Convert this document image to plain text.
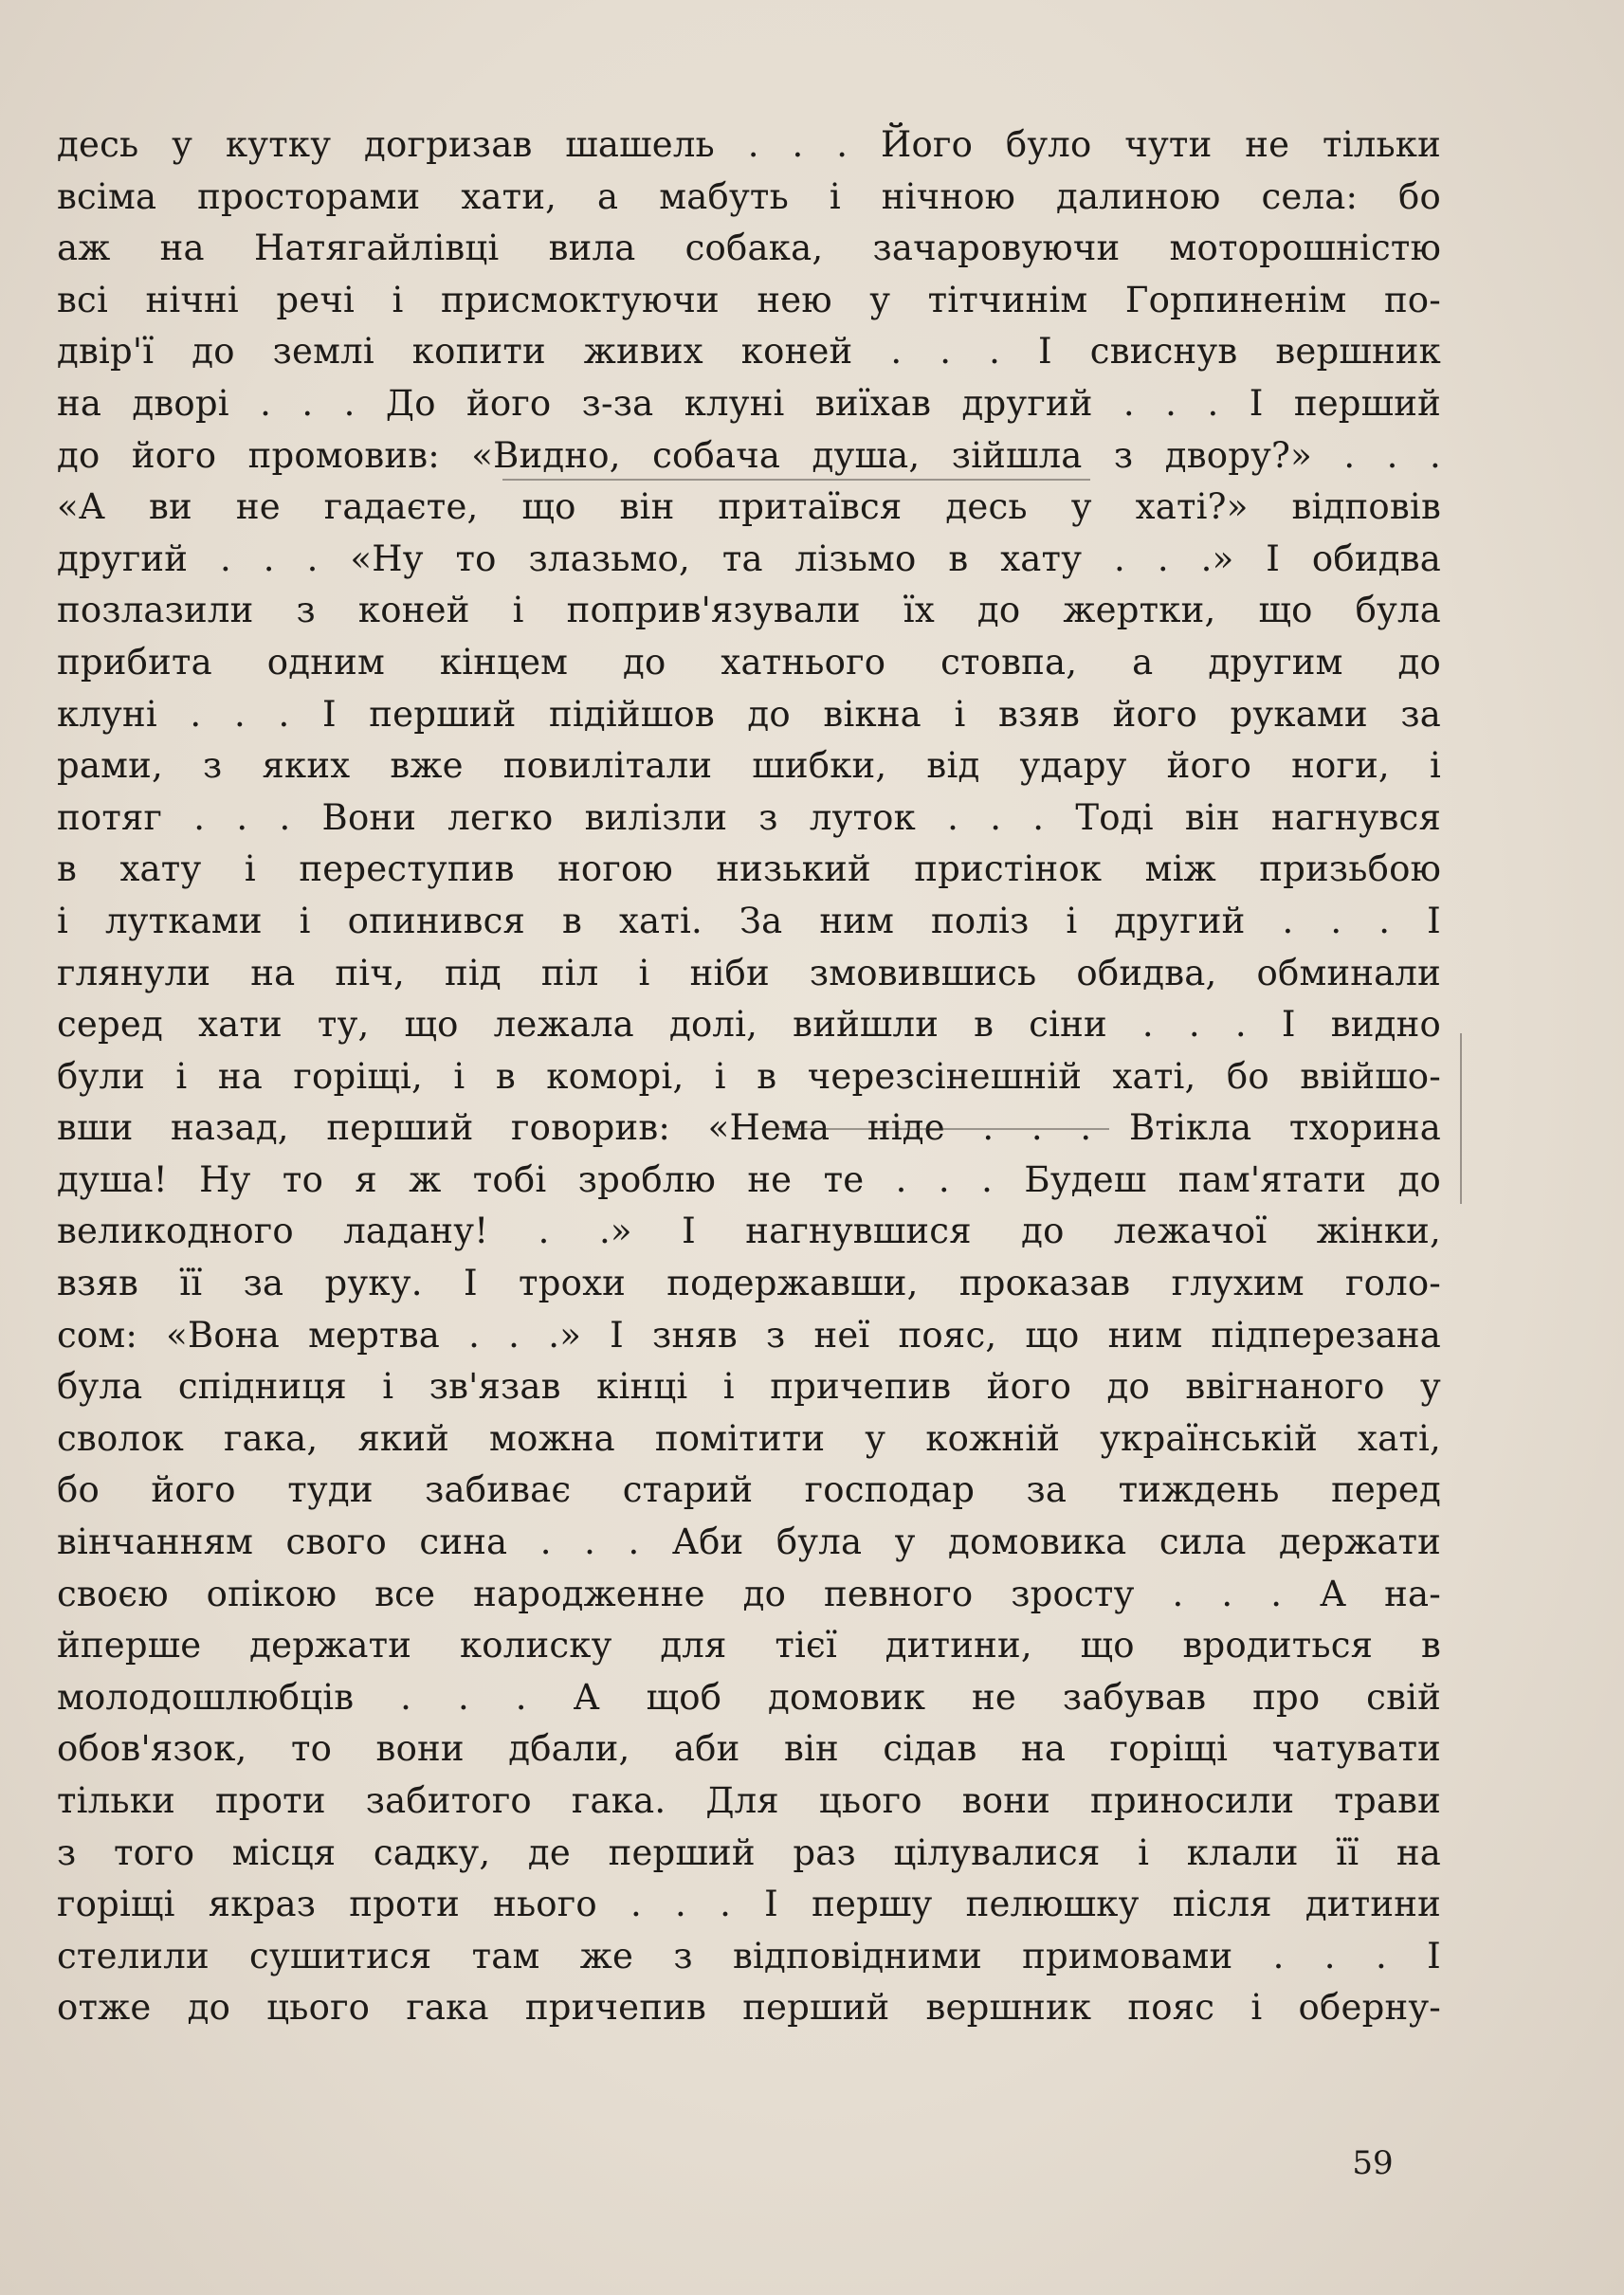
десь у кутку догризав шашель . . . Його було чути не тільки
всіма просторами хати, а мабуть і нічною далиною села: бо
аж на Натягайлівці вила собака, зачаровуючи моторошністю
всі нічні речі і присмоктуючи нею у тітчинім Горпиненім по-
двір'ї до землі копити живих коней . . . І свиснув вершник
на дворі . . . До його з-за клуні виїхав другий . . . І перший
до його промовив: «Видно, собача душа, зійшла з двору?» . . .
«А ви не гадаєте, що він притаївся десь у хаті?» відповів
другий . . . «Ну то злазьмо, та лізьмо в хату . . .» І обидва
позлазили з коней і поприв'язували їх до жертки, що була
прибита одним кінцем до хатнього стовпа, а другим до
клуні . . . І перший підійшов до вікна і взяв його руками за
рами, з яких вже повилітали шибки, від удару його ноги, і
потяг . . . Вони легко вилізли з луток . . . Тоді він нагнувся
в хату і переступив ногою низький пристінок між призьбою
і лутками і опинився в хаті. За ним поліз і другий . . . І
глянули на піч, під піл і ніби змовившись обидва, обминали
серед хати ту, що лежала долі, вийшли в сіни . . . І видно
були і на горіщі, і в коморі, і в черезсінешній хаті, бо ввійшо-
вши назад, перший говорив: «Нема ніде . . . Втікла тхорина
душа! Ну то я ж тобі зроблю не те . . . Будеш пам'ятати до
великодного ладану! . .» І нагнувшися до лежачої жінки,
взяв її за руку. І трохи подержавши, проказав глухим голо-
сом: «Вона мертва . . .» І зняв з неї пояс, що ним підперезана
була спідниця і зв'язав кінці і причепив його до ввігнаного у
сволок гака, який можна помітити у кожній українській хаті,
бо його туди забиває старий господар за тиждень перед
вінчанням свого сина . . . Аби була у домовика сила держати
своєю опікою все народженне до певного зросту . . . А на-
йперше держати колиску для тієї дитини, що вродиться в
молодошлюбців . . . А щоб домовик не забував про свій
обов'язок, то вони дбали, аби він сідав на горіщі чатувати
тільки проти забитого гака. Для цього вони приносили трави
з того місця садку, де перший раз цілувалися і клали її на
горіщі якраз проти нього . . . І першу пелюшку після дитини
стелили сушитися там же з відповідними примовами . . . І
отже до цього гака причепив перший вершник пояс і оберну-
59
